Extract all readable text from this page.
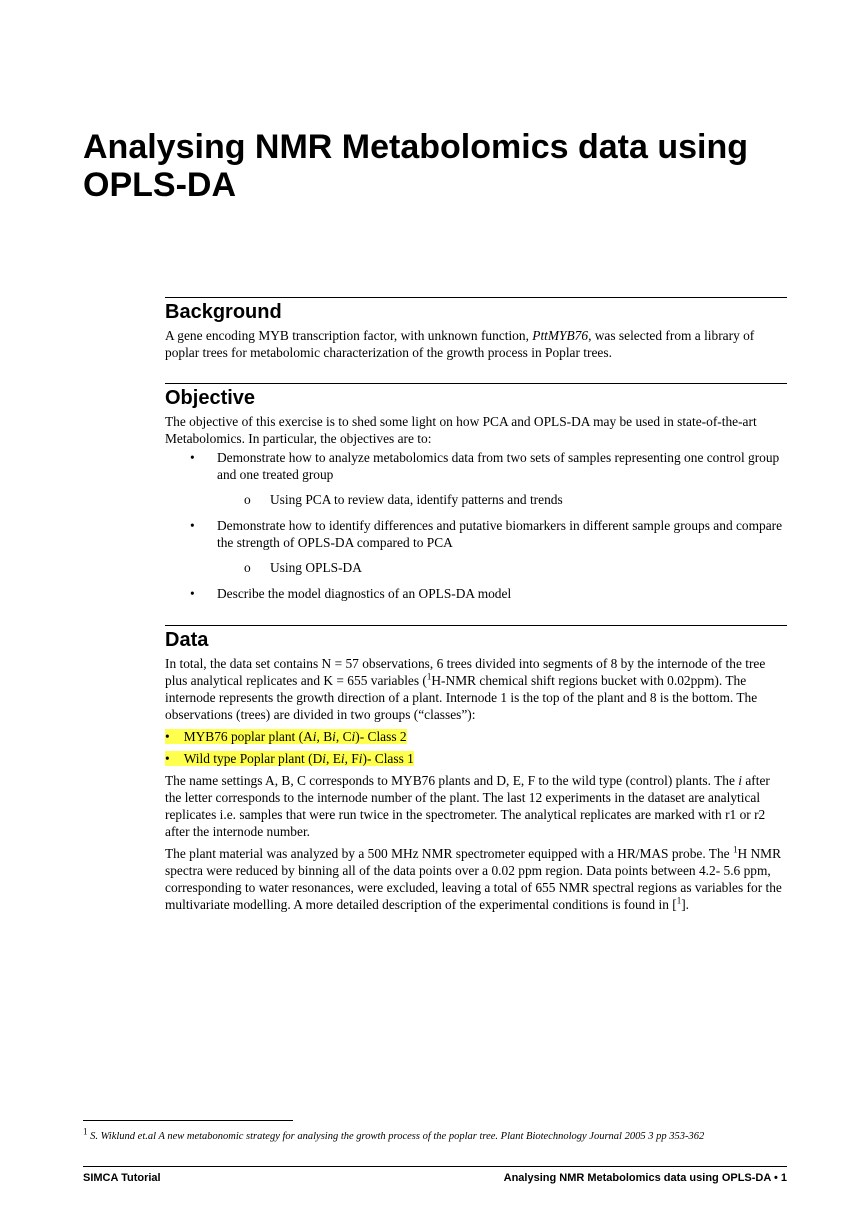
Analysing NMR Metabolomics data using OPLS-DA
Background

A gene encoding MYB transcription factor, with unknown function, PttMYB76, was selected from a library of poplar trees for metabolomic characterization of the growth process in Poplar trees.

Objective

The objective of this exercise is to shed some light on how PCA and OPLS-DA may be used in state-of-the-art Metabolomics. In particular, the objectives are to:

• Demonstrate how to analyze metabolomics data from two sets of samples representing one control group and one treated group
o Using PCA to review data, identify patterns and trends
• Demonstrate how to identify differences and putative biomarkers in different sample groups and compare the strength of OPLS-DA compared to PCA
o Using OPLS-DA
• Describe the model diagnostics of an OPLS-DA model
Data

In total, the data set contains N = 57 observations, 6 trees divided into segments of 8 by the internode of the tree plus analytical replicates and K = 655 variables ($^1$H-NMR chemical shift regions bucket with 0.02ppm). The internode represents the growth direction of a plant. Internode 1 is the top of the plant and 8 is the bottom. The observations (trees) are divided in two groups (“classes”):

• MYB76 poplar plant (Ai, Bi, Ci)- Class 2
• Wild type Poplar plant (Di, Ei, Fi)- Class 1

The name settings A, B, C corresponds to MYB76 plants and D, E, F to the wild type (control) plants. The i after the letter corresponds to the internode number of the plant. The last 12 experiments in the dataset are analytical replicates i.e. samples that were run twice in the spectrometer. The analytical replicates are marked with r1 or r2 after the internode number.

The plant material was analyzed by a 500 MHz NMR spectrometer equipped with a HR/MAS probe. The $^1$H NMR spectra were reduced by binning all of the data points over a 0.02 ppm region. Data points between 4.2- 5.6 ppm, corresponding to water resonances, were excluded, leaving a total of 655 NMR spectral regions as variables for the multivariate modelling. A more detailed description of the experimental conditions is found in [$^1$].

$^1$ S. Wiklund et.al A new metabonomic strategy for analysing the growth process of the poplar tree. Plant Biotechnology Journal 2005 3 pp 353-362
SIMCA Tutorial	Analysing NMR Metabolomics data using OPLS-DA • 1
